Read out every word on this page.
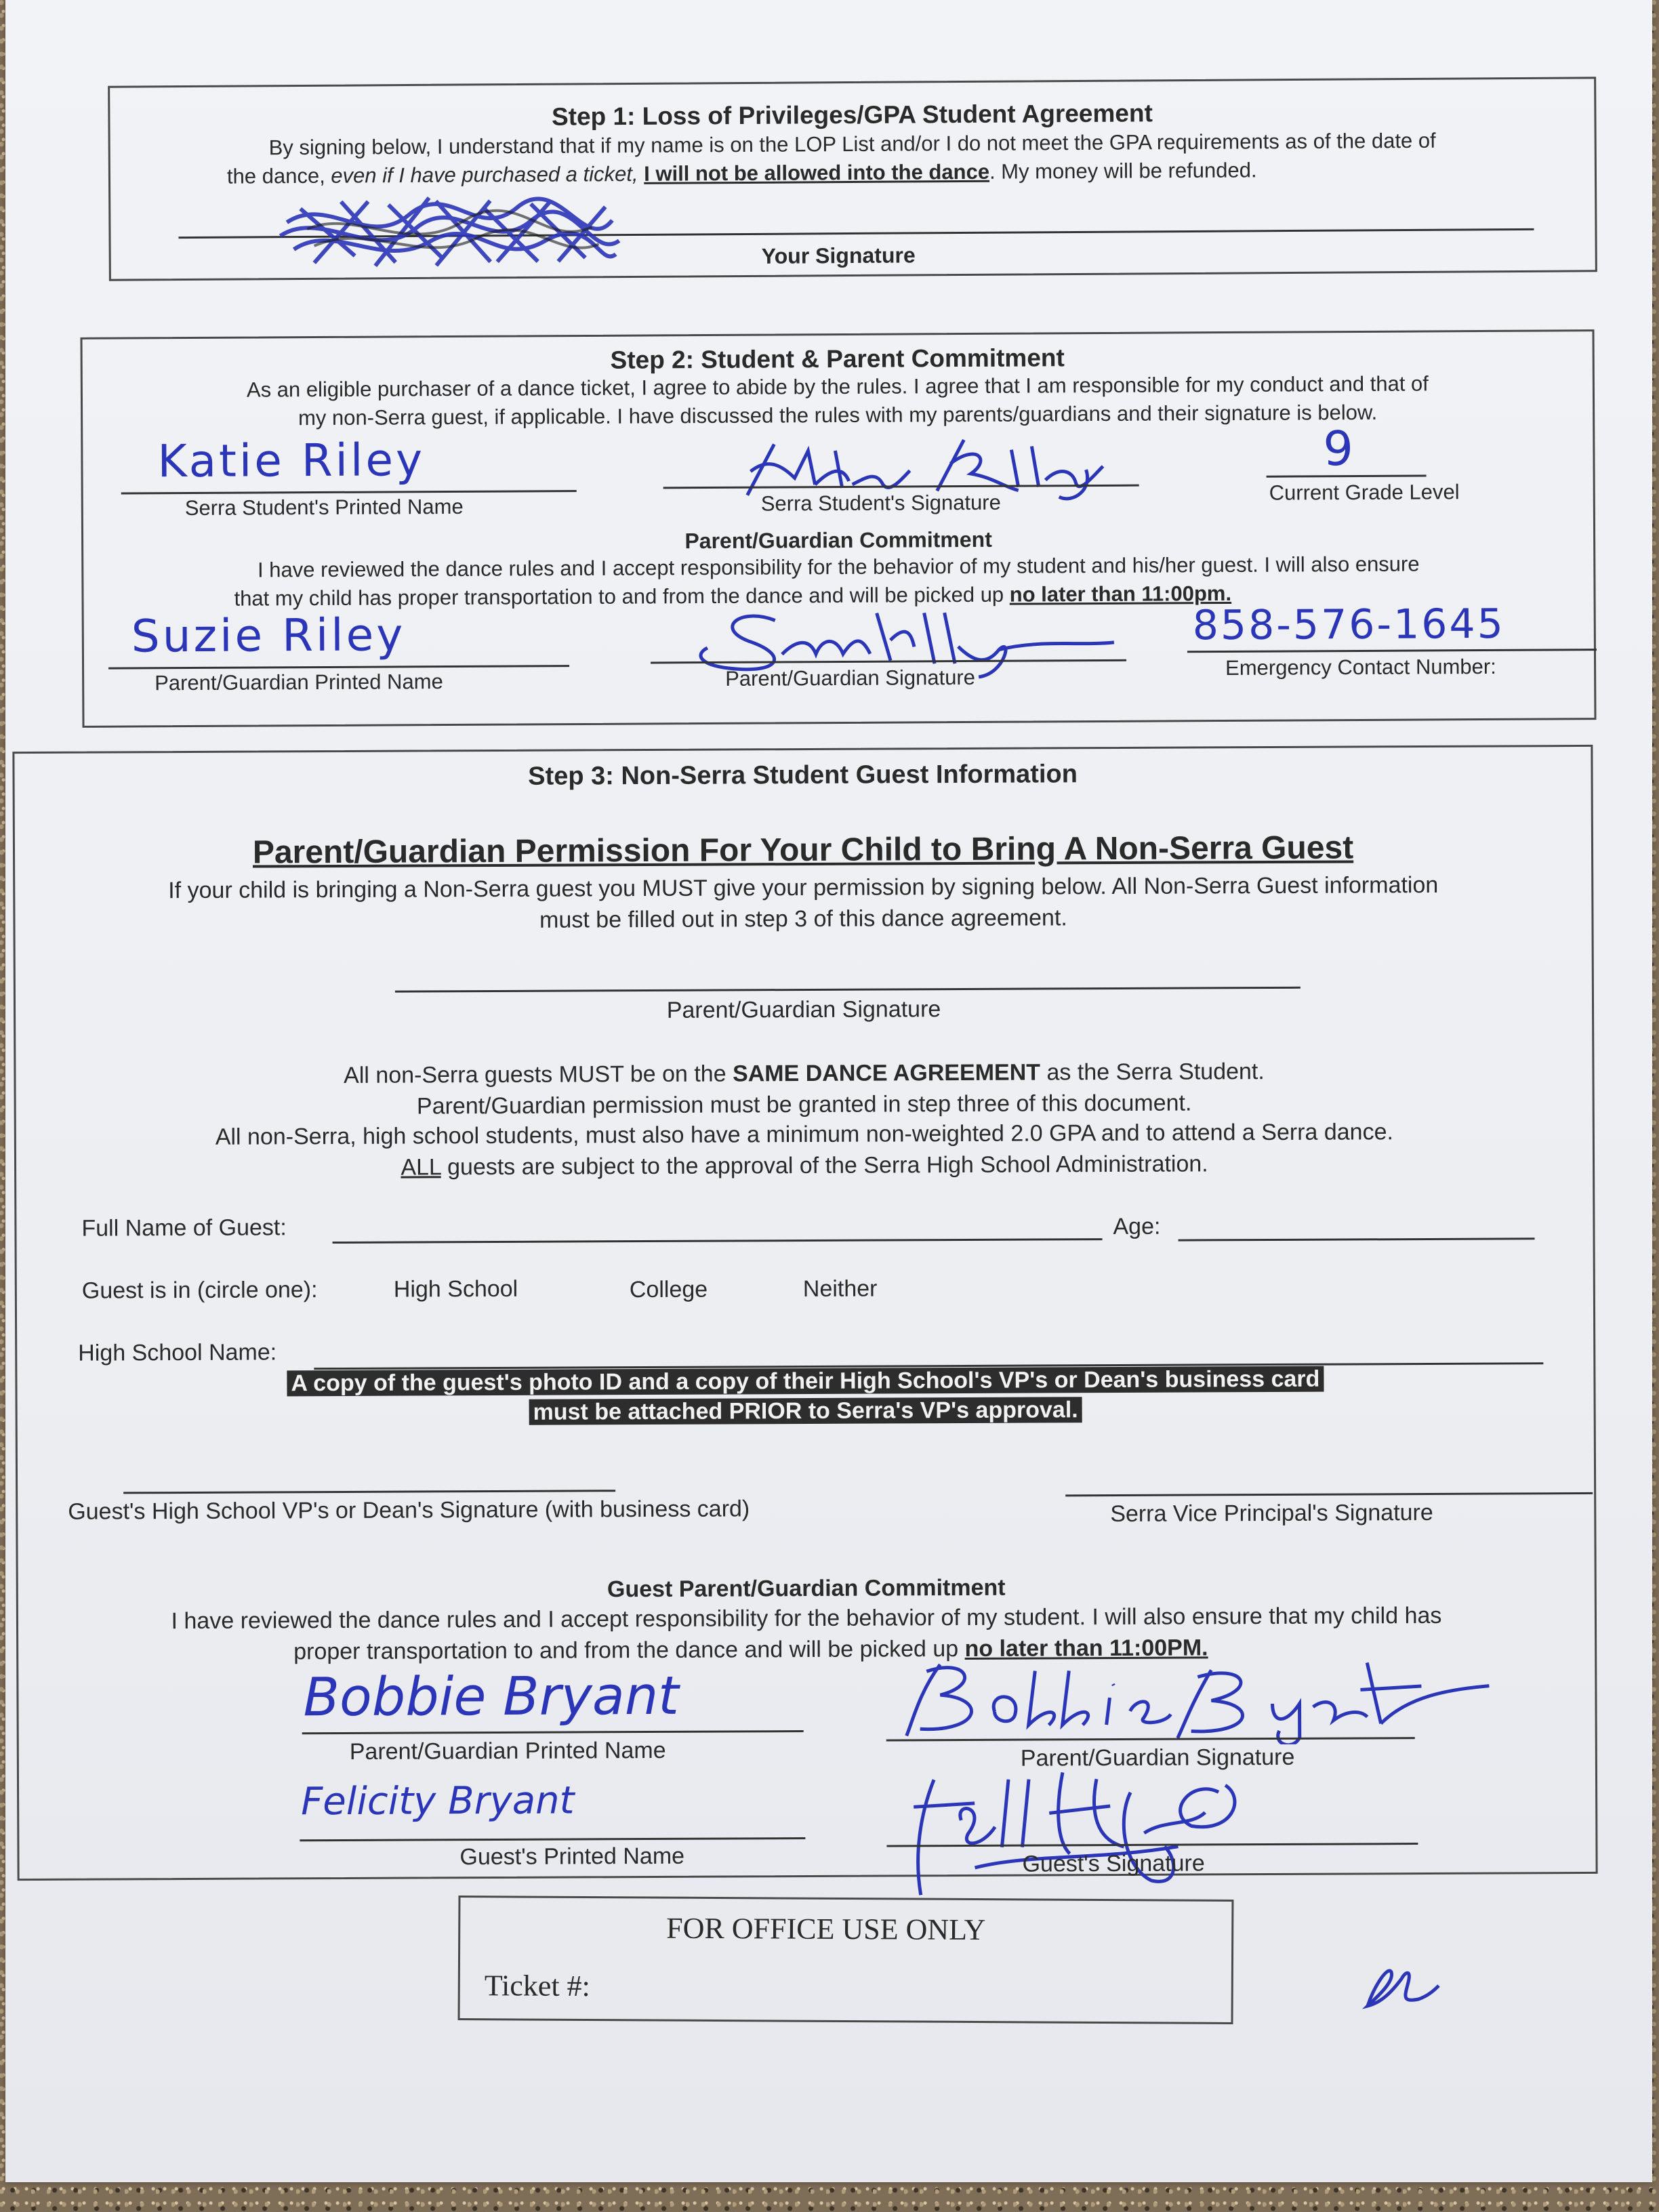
Step 1: Loss of Privileges/GPA Student Agreement
By signing below, I understand that if my name is on the LOP List and/or I do not meet the GPA requirements as of the date of
the dance, even if I have purchased a ticket, I will not be allowed into the dance. My money will be refunded.
Your Signature
Step 2: Student & Parent Commitment
As an eligible purchaser of a dance ticket, I agree to abide by the rules. I agree that I am responsible for my conduct and that of
my non-Serra guest, if applicable. I have discussed the rules with my parents/guardians and their signature is below.
Katie Riley
Serra Student's Printed Name	Serra Student's Signature
9
Current Grade Level
Parent/Guardian Commitment
I have reviewed the dance rules and I accept responsibility for the behavior of my student and his/her guest. I will also ensure
that my child has proper transportation to and from the dance and will be picked up no later than 11:00pm.
Suzie Riley
Parent/Guardian Printed Name	Parent/Guardian Signature
858-576-1645
Emergency Contact Number:
Step 3: Non-Serra Student Guest Information
Parent/Guardian Permission For Your Child to Bring A Non-Serra Guest
If your child is bringing a Non-Serra guest you MUST give your permission by signing below. All Non-Serra Guest information
must be filled out in step 3 of this dance agreement.
Parent/Guardian Signature
All non-Serra guests MUST be on the SAME DANCE AGREEMENT as the Serra Student.
Parent/Guardian permission must be granted in step three of this document.
All non-Serra, high school students, must also have a minimum non-weighted 2.0 GPA and to attend a Serra dance.
ALL guests are subject to the approval of the Serra High School Administration.
Full Name of Guest:	Age:
Guest is in (circle one):	High School	College	Neither
High School Name:
A copy of the guest's photo ID and a copy of their High School's VP's or Dean's business card
must be attached PRIOR to Serra's VP's approval.
Guest's High School VP's or Dean's Signature (with business card)	Serra Vice Principal's Signature
Guest Parent/Guardian Commitment
I have reviewed the dance rules and I accept responsibility for the behavior of my student. I will also ensure that my child has
proper transportation to and from the dance and will be picked up no later than 11:00PM.
Bobbie Bryant
Parent/Guardian Printed Name	Parent/Guardian Signature
Felicity Bryant
Guest's Printed Name	Guest's Signature
FOR OFFICE USE ONLY
Ticket #:
